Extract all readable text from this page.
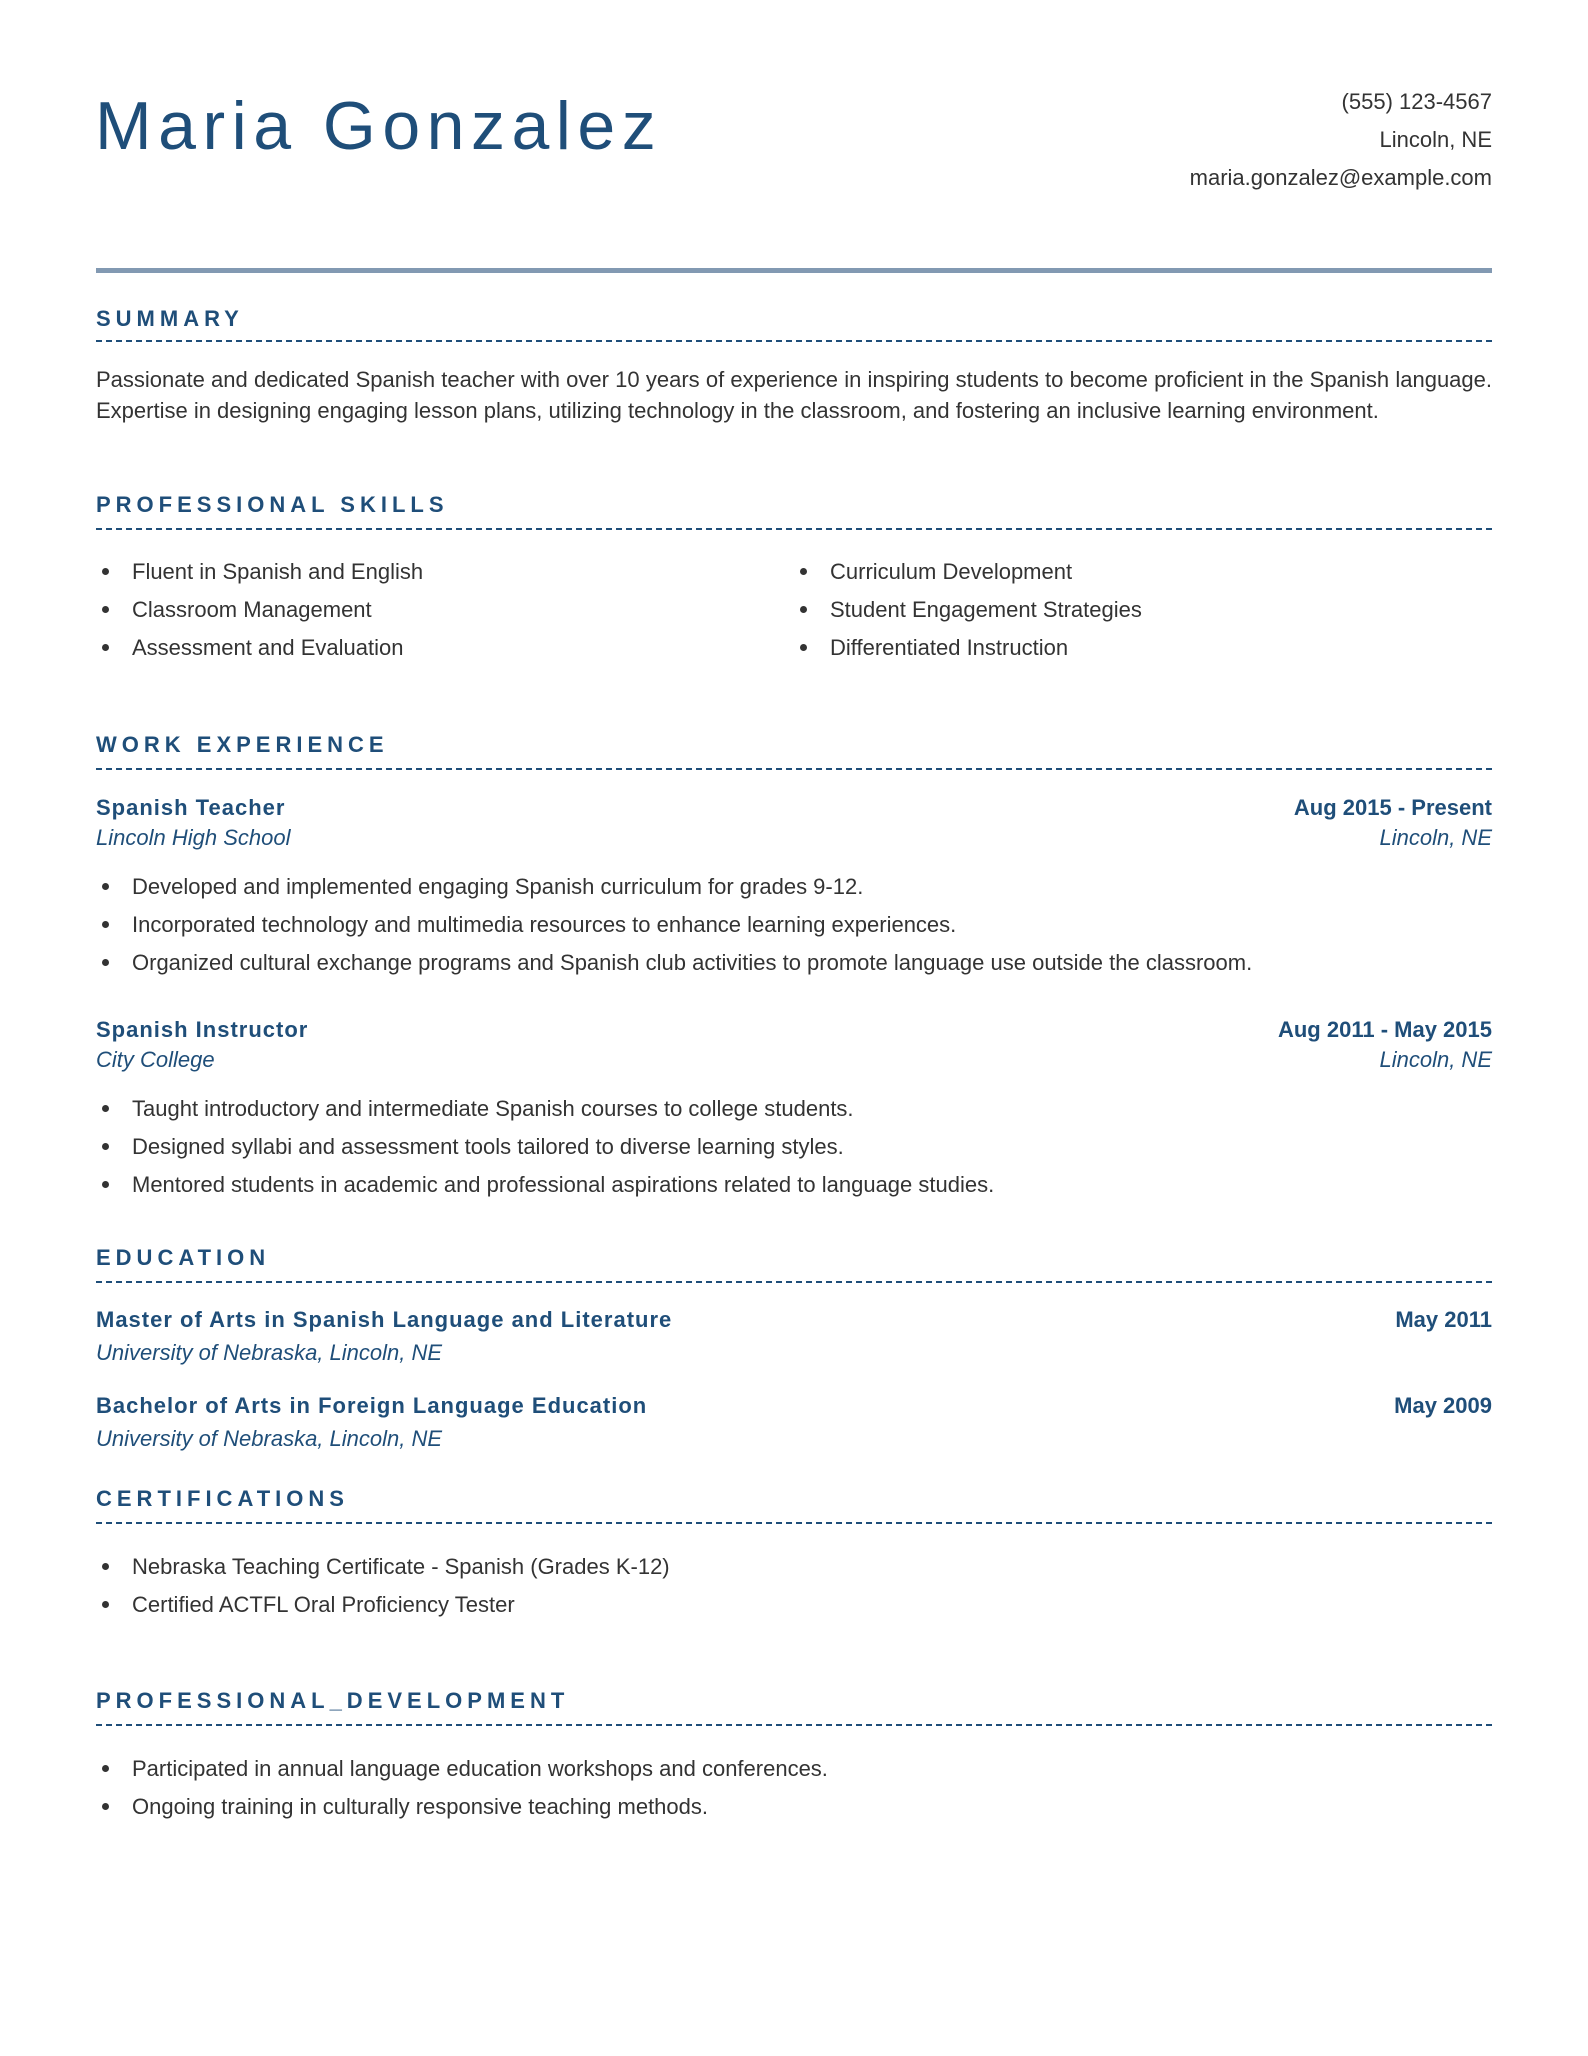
Maria Gonzalez	(555) 123-4567
Lincoln, NE
maria.gonzalez@example.com
SUMMARY
Passionate and dedicated Spanish teacher with over 10 years of experience in inspiring students to become proficient in the Spanish language. Expertise in designing engaging lesson plans, utilizing technology in the classroom, and fostering an inclusive learning environment.
PROFESSIONAL SKILLS
Fluent in Spanish and English
Classroom Management
Assessment and Evaluation
Curriculum Development
Student Engagement Strategies
Differentiated Instruction
WORK EXPERIENCE
Spanish Teacher	Aug 2015 - Present
Lincoln High School	Lincoln, NE
Developed and implemented engaging Spanish curriculum for grades 9-12.
Incorporated technology and multimedia resources to enhance learning experiences.
Organized cultural exchange programs and Spanish club activities to promote language use outside the classroom.
Spanish Instructor	Aug 2011 - May 2015
City College	Lincoln, NE
Taught introductory and intermediate Spanish courses to college students.
Designed syllabi and assessment tools tailored to diverse learning styles.
Mentored students in academic and professional aspirations related to language studies.
EDUCATION
Master of Arts in Spanish Language and Literature	May 2011
University of Nebraska, Lincoln, NE
Bachelor of Arts in Foreign Language Education	May 2009
University of Nebraska, Lincoln, NE
CERTIFICATIONS
Nebraska Teaching Certificate - Spanish (Grades K-12)
Certified ACTFL Oral Proficiency Tester
PROFESSIONAL_DEVELOPMENT
Participated in annual language education workshops and conferences.
Ongoing training in culturally responsive teaching methods.
